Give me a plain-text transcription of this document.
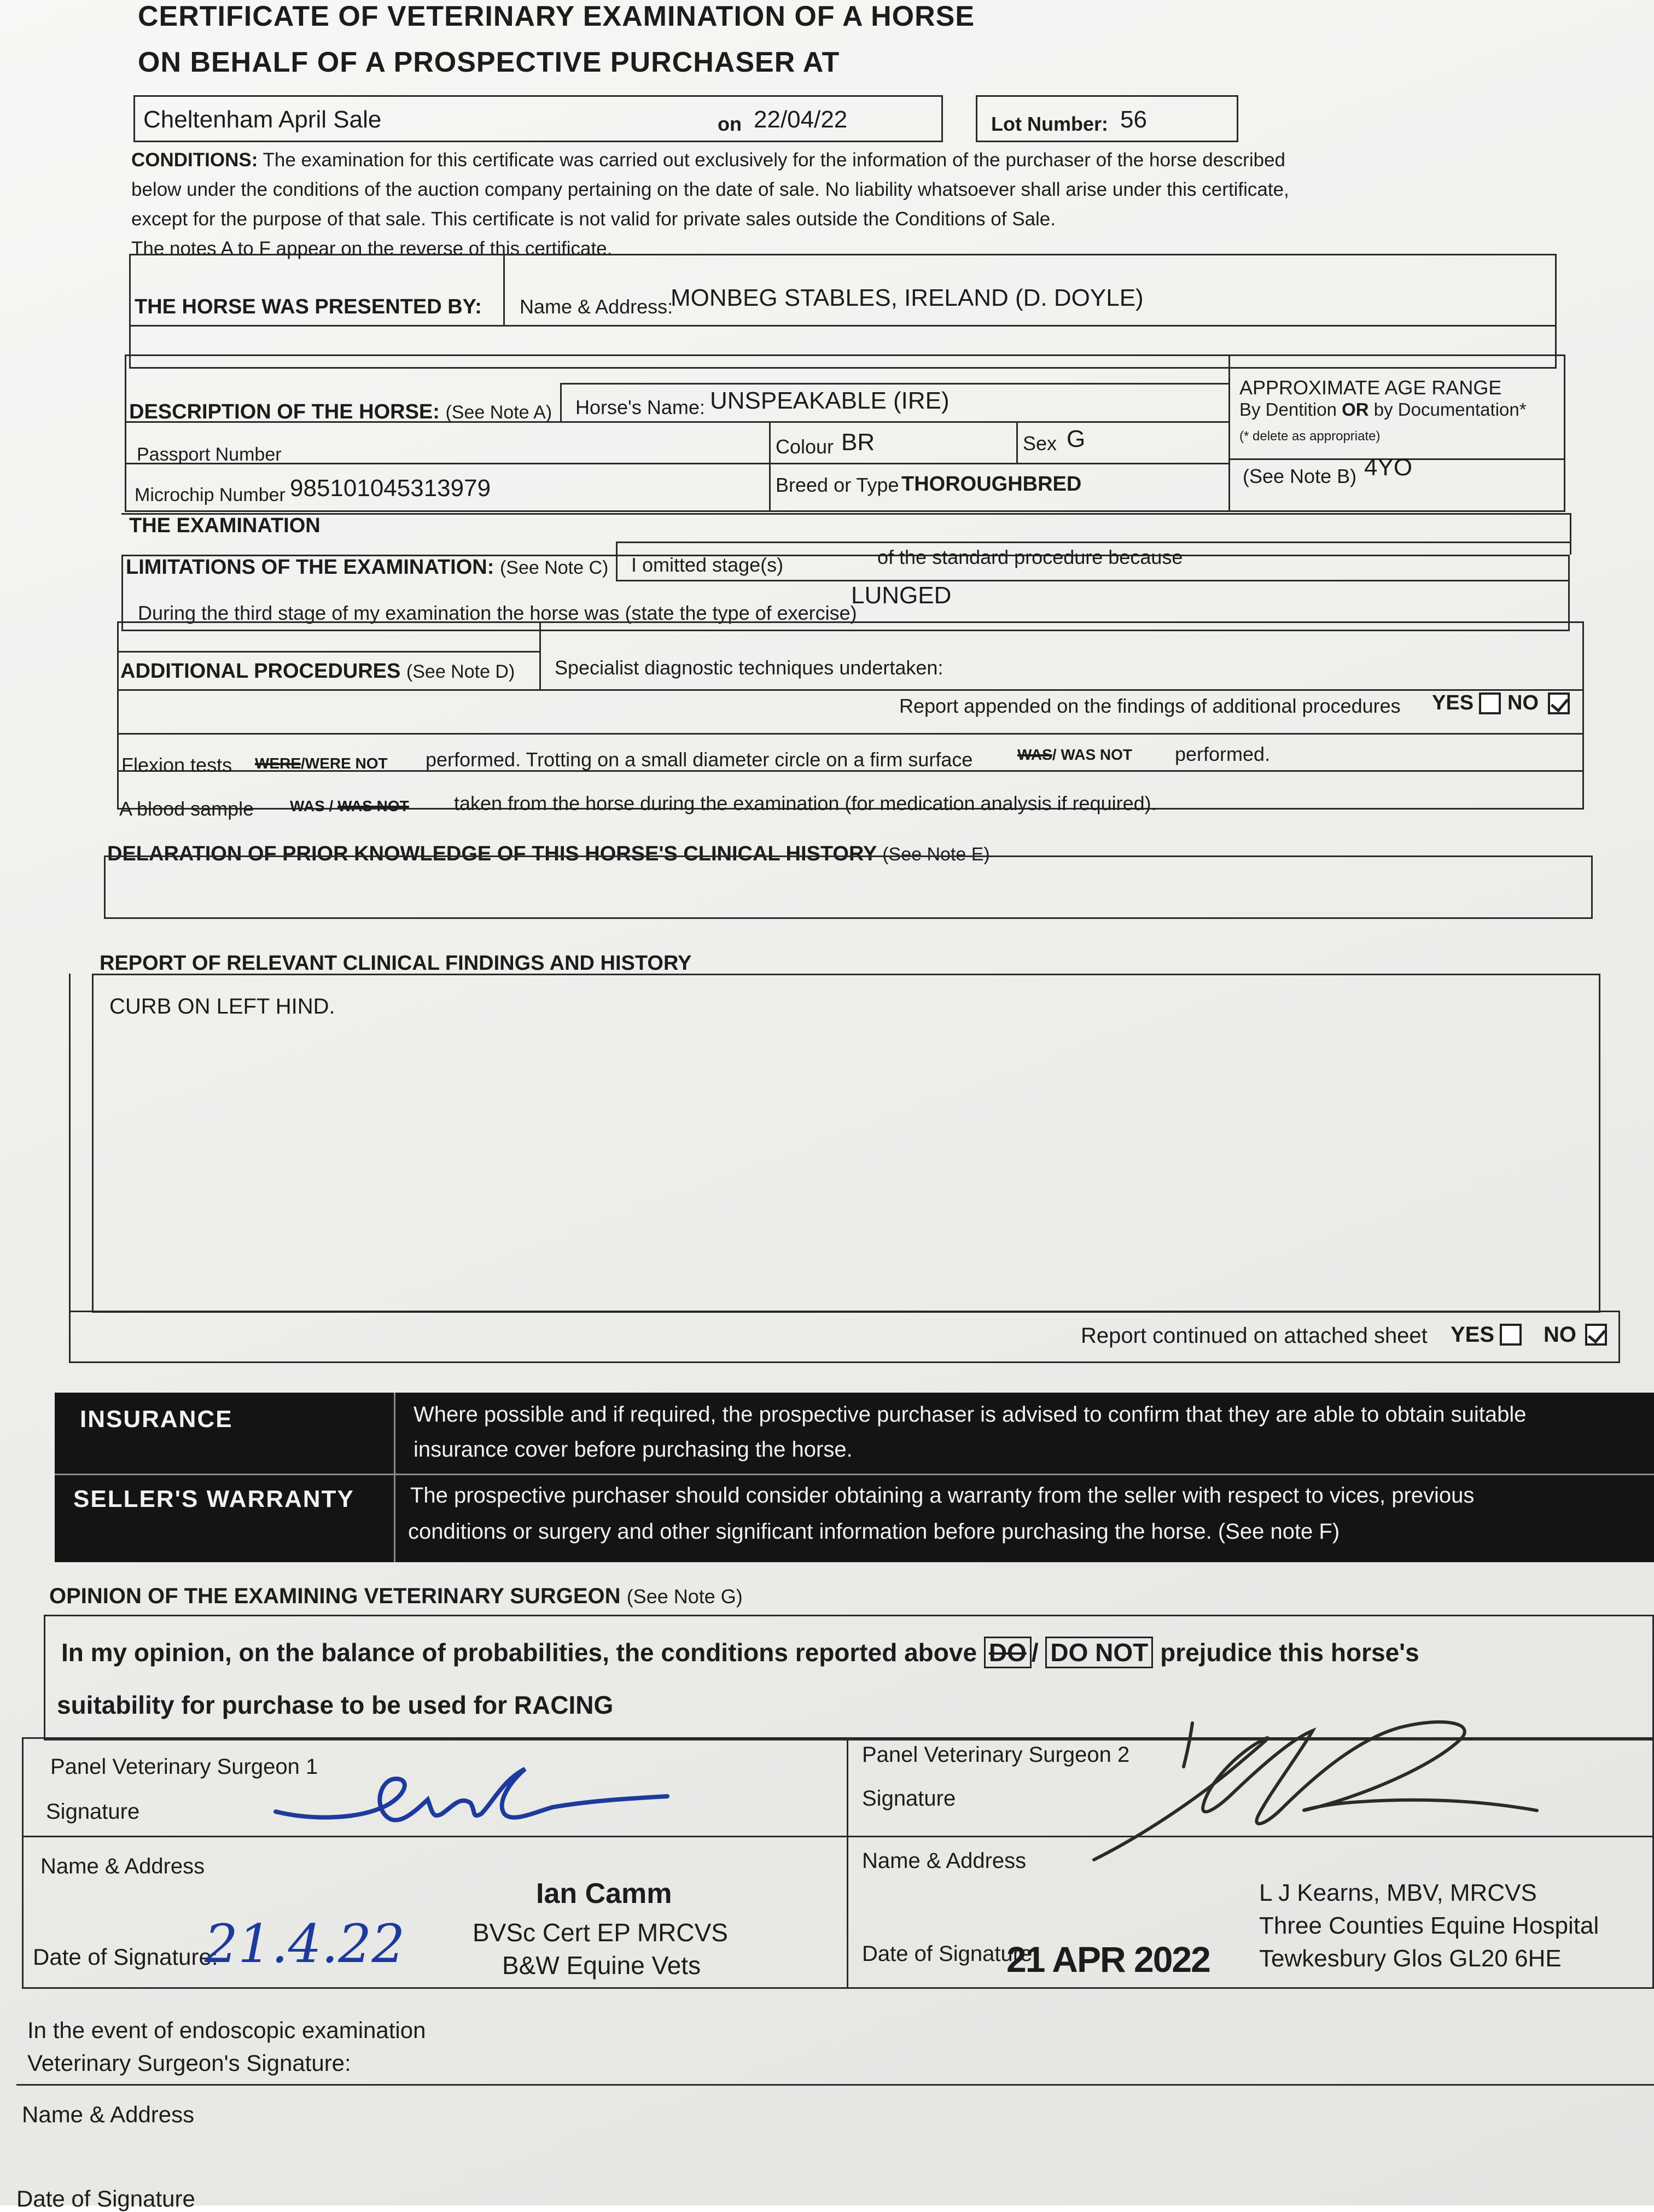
CERTIFICATE OF VETERINARY EXAMINATION OF A HORSE
ON BEHALF OF A PROSPECTIVE PURCHASER AT
Cheltenham April Sale	on 22/04/22	Lot Number: 56
CONDITIONS: The examination for this certificate was carried out exclusively for the information of the purchaser of the horse described
below under the conditions of the auction company pertaining on the date of sale. No liability whatsoever shall arise under this certificate,
except for the purpose of that sale. This certificate is not valid for private sales outside the Conditions of Sale.
The notes A to F appear on the reverse of this certificate.
THE HORSE WAS PRESENTED BY: Name & Address:
MONBEG STABLES, IRELAND (D. DOYLE)
DESCRIPTION OF THE HORSE: (See Note A) Horse's Name: UNSPEAKABLE (IRE)
Passport Number	Colour BR	Sex G
Microchip Number 985101045313979	Breed or Type THOROUGHBRED
APPROXIMATE AGE RANGE
By Dentition OR by Documentation*
(* delete as appropriate)
(See Note B) 4YO
THE EXAMINATION
LIMITATIONS OF THE EXAMINATION: (See Note C) I omitted stage(s)	of the standard procedure because
During the third stage of my examination the horse was (state the type of exercise)
LUNGED
ADDITIONAL PROCEDURES (See Note D) Specialist diagnostic techniques undertaken:
Report appended on the findings of additional procedures YES NO
Flexion tests WERE/WERE NOT performed. Trotting on a small diameter circle on a firm surface	WAS/ WAS NOT performed.
A blood sample WAS / WAS NOT taken from the horse during the examination (for medication analysis if required).
DELARATION OF PRIOR KNOWLEDGE OF THIS HORSE'S CLINICAL HISTORY (See Note E)
REPORT OF RELEVANT CLINICAL FINDINGS AND HISTORY
CURB ON LEFT HIND.
Report continued on attached sheet YES NO
INSURANCE	Where possible and if required, the prospective purchaser is advised to confirm that they are able to obtain suitable
insurance cover before purchasing the horse.
SELLER'S WARRANTY	The prospective purchaser should consider obtaining a warranty from the seller with respect to vices, previous
conditions or surgery and other significant information before purchasing the horse. (See note F)
OPINION OF THE EXAMINING VETERINARY SURGEON (See Note G)
In my opinion, on the balance of probabilities, the conditions reported above DO / DO NOT prejudice this horse's
suitability for purchase to be used for RACING
Panel Veterinary Surgeon 1
Signature
Name & Address
Ian Camm
BVSc Cert EP MRCVS
B&W Equine Vets
Date of Signature:
21.4.22
Panel Veterinary Surgeon 2
Signature
Name & Address
Date of Signature
21 APR 2022
L J Kearns, MBV, MRCVS
Three Counties Equine Hospital
Tewkesbury Glos GL20 6HE
In the event of endoscopic examination
Veterinary Surgeon's Signature:
Name & Address
Date of Signature
